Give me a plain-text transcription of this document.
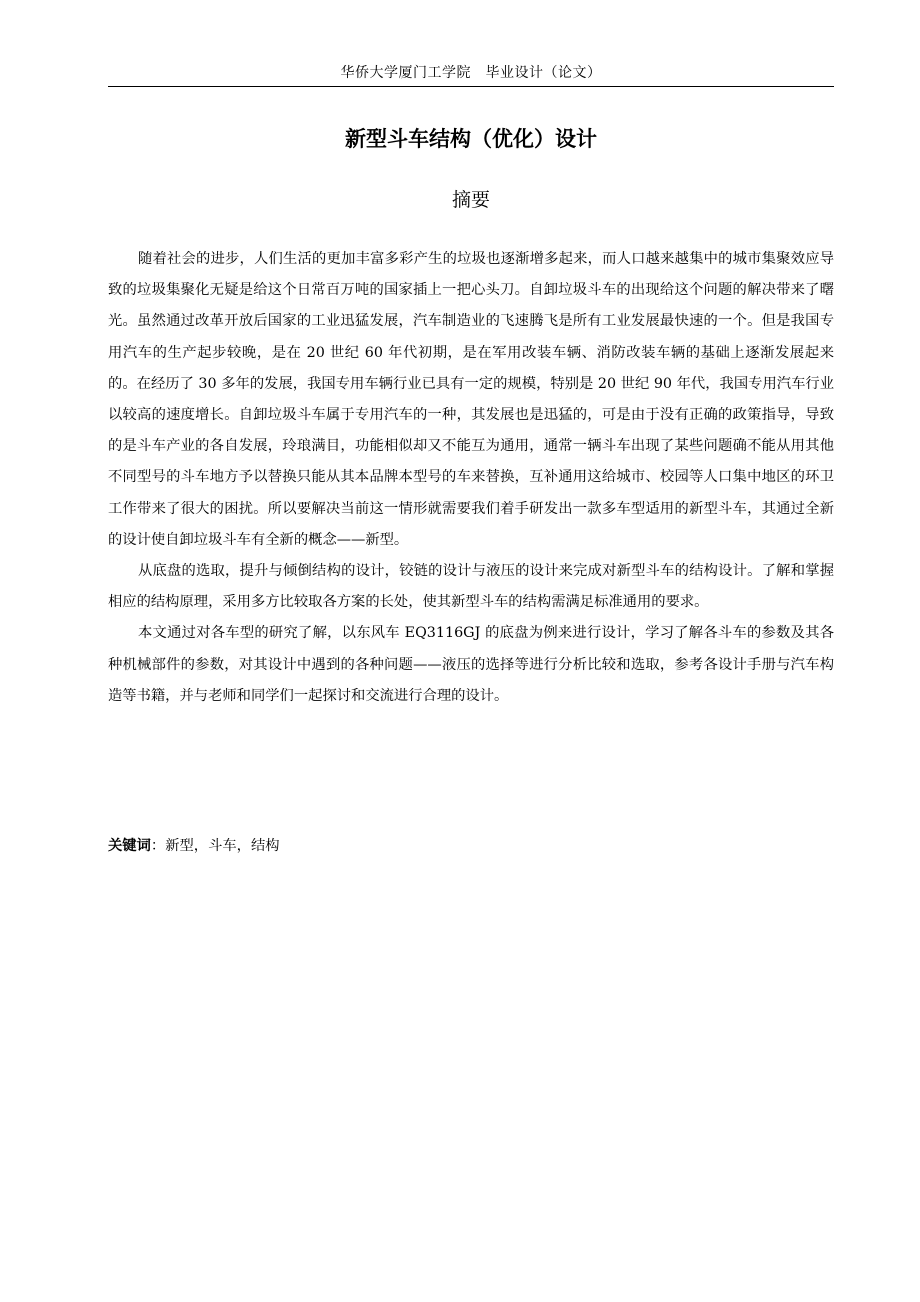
华侨大学厦门工学院　毕业设计（论文）
新型斗车结构（优化）设计
摘要

随着社会的进步，人们生活的更加丰富多彩产生的垃圾也逐渐增多起来，而人口越来越集中的城市集聚效应导致的垃圾集聚化无疑是给这个日常百万吨的国家插上一把心头刀。自卸垃圾斗车的出现给这个问题的解决带来了曙光。虽然通过改革开放后国家的工业迅猛发展，汽车制造业的飞速腾飞是所有工业发展最快速的一个。但是我国专用汽车的生产起步较晚，是在 20 世纪 60 年代初期，是在军用改装车辆、消防改装车辆的基础上逐渐发展起来的。在经历了 30 多年的发展，我国专用车辆行业已具有一定的规模，特别是 20 世纪 90 年代，我国专用汽车行业以较高的速度增长。自卸垃圾斗车属于专用汽车的一种，其发展也是迅猛的，可是由于没有正确的政策指导，导致的是斗车产业的各自发展，玲琅满目，功能相似却又不能互为通用，通常一辆斗车出现了某些问题确不能从用其他不同型号的斗车地方予以替换只能从其本品牌本型号的车来替换，互补通用这给城市、校园等人口集中地区的环卫工作带来了很大的困扰。所以要解决当前这一情形就需要我们着手研发出一款多车型适用的新型斗车，其通过全新的设计使自卸垃圾斗车有全新的概念——新型。

从底盘的选取，提升与倾倒结构的设计，铰链的设计与液压的设计来完成对新型斗车的结构设计。了解和掌握相应的结构原理，采用多方比较取各方案的长处，使其新型斗车的结构需满足标准通用的要求。

本文通过对各车型的研究了解，以东风车 EQ3116GJ 的底盘为例来进行设计，学习了解各斗车的参数及其各种机械部件的参数，对其设计中遇到的各种问题——液压的选择等进行分析比较和选取，参考各设计手册与汽车构造等书籍，并与老师和同学们一起探讨和交流进行合理的设计。

关键词：新型，斗车，结构
